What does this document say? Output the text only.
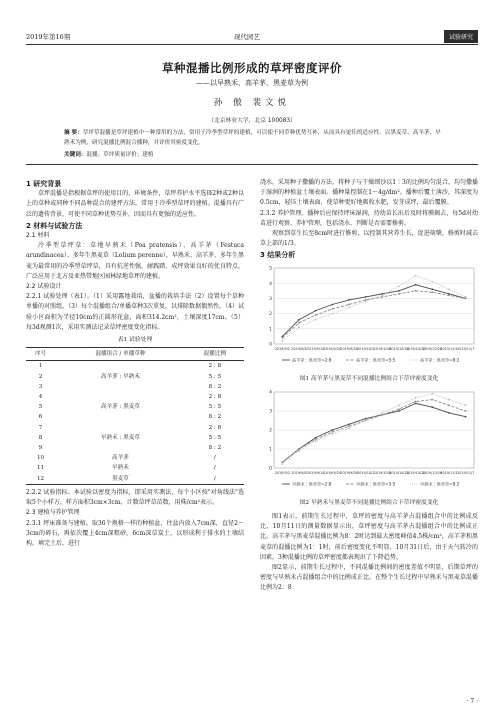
2019年第16期	现代园艺	试验研究
草种混播比例形成的草坪密度评价
——以早熟禾、高羊茅、黑麦草为例
孙 傲 裴文悦
（北京林业大学，北京 100083）
摘 要：草坪草混播是草坪建植中一种常用的方法，常用于冷季型草坪的建植，可以使不同草种优势互补，从而具有更佳的适应性。以黑麦草、高羊茅、早熟禾为例，研究混播比例混合播种，并评价其密度变化。
关键词：混播；草坪质量评价；建植
1 研究背景

草坪混播是指根据草坪的使用目的、环境条件，草坪养护水平选择2种或2种以上的草种或同种不同品种混合的建坪方法，常用于冷季型草坪的建植。混播具有广泛的遗传背景，可使不同草种优势互补，因而具有更强的适应性。

2 材料与试验方法
2.1 材料

冷季型草坪草：草地早熟禾（Poa pratensis）、高羊茅（Festuca arundinacea）、多年生黑麦草（Lolium perenne），早熟禾、高羊茅、多年生黑麦为最常用的冷季型草坪草，具有抗逆性强、耐践踏、成坪效果良好的优良特点，广泛应用于北方及亚热带地区园林绿地草坪的建植。

2.2 试验设计

2.2.1 试验处理（表1）。（1）采用露地栽培，盆播的栽培手法（2）设置每个草种单播的对照组。（3）每个混播组合/单播草种3次重复，以排除数据偶然性。（4）试验小区面积为半径10cm的正圆形花盆，面积314.2cm²，土壤深度17cm。（5）每3d观测1次，采用实测法记录草坪密度变化指标。

表1 试验处理
序号	混播组合 / 单播草种	混播比例
1		2 : 8
2	高羊茅 : 早熟禾	5 : 5
3		8 : 2
4		2 : 8
5	高羊茅 : 黑麦草	5 : 5
6		8 : 2
7		2 : 8
8	早熟禾 : 黑麦草	5 : 5
9		8 : 2
10	高羊茅	/
11	早熟禾	/
12	黑麦草	/

2.2.2 试验指标。本试验以密度为指标，即采用实测法，每个小区按"对角线法"选取5个小样方，样方面积3cm×3cm，计数草坪草苗数，用株/cm²表示。

2.3 建植与养护管理

2.3.1 坪床准备与建植。取36个规格一样的种植盆，往盆内放入7cm深，直径2～3cm的碎石，再依次覆上4cm深粗砂，6cm深草炭土，以形成利于排水的土壤结构。填完土后，进行

浇水，采用种子撒播的方法，将种子与干燥细沙以1∶3的比例均匀混合，均匀撒播于湿润的种植盆土壤表面。播种量控制在1～4g/dm²。播种后覆土薄沙，其深度为0.5cm，轻压土壤表面，使草种更好地吸收水肥，发芽成坪，最后覆膜。

2.3.2 养护管理。播种后应保持坪床湿润，待幼苗长出后及时将膜揭去，每5d对幼苗进行观察、养护管理，包括浇水、判断是否需要修剪。

观察到草生长至8cm时进行修剪，以控制其营养生长，促进萌蘖，修剪时减去草上部的1/3。

3 结果分析
0
1
2
3
4
5
2019/9/2 2019/9/8 2019/9/14 2019/9/20 2019/9/26 2019/10/2 2019/10/8
2019/10/14
2019/10/20
2019/10/26
2019/11/1 2019/11/7
高羊茅 : 黑麦草=2:8	高羊茅 : 黑麦草=5:5	高羊茅 : 黑麦草=8:2
图1 高羊茅与黑麦草不同混播比例组合下草坪密度变化
0
1
2
3
4
2019/9/2 2019/9/8 2019/9/14 2019/9/20 2019/9/26 2019/10/2 2019/10/8
2019/10/14
2019/10/20
2019/10/26
2019/11/1 2019/11/7
早熟禾 : 黑麦草=2:8	早熟禾 : 黑麦草=5:5	早熟禾 : 黑麦草=8:2
图2 早熟禾与黑麦草不同混播比例组合下草坪密度变化

图1表示，前期生长过程中，草坪的密度与高羊茅占混播组合中的比例成反比，10月11日的测量数据显示出，草坪密度与高羊茅占混播组合中的比例成正比。高羊茅与黑麦草混播比例为8：2时达到最大密度峰值4.5株/cm²，高羊茅和黑麦草的混播比例为1：1时，前后密度变化不明显，10月31日后，由于天气转冷的因素，3种混播比例的草坪密度都表现出了下降趋势。

图2显示，前期生长过程中，不同混播比例间的密度差值不明显，后期草坪的密度与早熟禾占混播组合中的比例成正比。在整个生长过程中早熟禾与黑麦草混播比例为2：8

· 7 ·
